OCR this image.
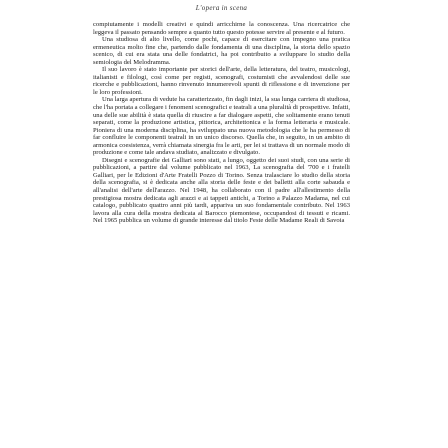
L'opera in scena

compiutamente i modelli creativi e quindi arricchirne la conoscenza. Una ricercatrice che leggeva il passato pensando sempre a quanto tutto questo potesse servire al presente e al futuro.

Una studiosa di alto livello, come pochi, capace di esercitare con impegno una pratica ermeneutica molto fine che, partendo dalle fondamenta di una disciplina, la storia dello spazio scenico, di cui era stata una delle fondatrici, ha poi contribuito a sviluppare lo studio della semiologia del Melodramma.

Il suo lavoro è stato importante per storici dell'arte, della letteratura, del teatro, musicologi, italianisti e filologi, così come per registi, scenografi, costumisti che avvalendosi delle sue ricerche e pubblicazioni, hanno rinvenuto innumerevoli spunti di riflessione e di invenzione per le loro professioni.

Una larga apertura di vedute ha caratterizzato, fin dagli inizi, la sua lunga carriera di studiosa, che l'ha portata a collegare i fenomeni scenografici e teatrali a una pluralità di prospettive. Infatti, una delle sue abilità è stata quella di riuscire a far dialogare aspetti, che solitamente erano tenuti separati, come la produzione artistica, pittorica, architettonica e la forma letteraria e musicale. Pioniera di una moderna disciplina, ha sviluppato una nuova metodologia che le ha permesso di far confluire le componenti teatrali in un unico discorso. Quella che, in seguito, in un ambito di armonica coesistenza, verrà chiamata sinergia fra le arti, per lei si trattava di un normale modo di produzione e come tale andava studiato, analizzato e divulgato.

Disegni e scenografie dei Galliari sono stati, a lungo, oggetto dei suoi studi, con una serie di pubblicazioni, a partire dal volume pubblicato nel 1963, La scenografia del '700 e i fratelli Galliari, per le Edizioni d'Arte Fratelli Pozzo di Torino. Senza tralasciare lo studio della storia della scenografia, si è dedicata anche alla storia delle feste e dei balletti alla corte sabauda e all'analisi dell'arte dell'arazzo. Nel 1948, ha collaborato con il padre all'allestimento della prestigiosa mostra dedicata agli arazzi e ai tappeti antichi, a Torino a Palazzo Madama, nel cui catalogo, pubblicato quattro anni più tardi, appariva un suo fondamentale contributo. Nel 1963 lavora alla cura della mostra dedicata al Barocco piemontese, occupandosi di tessuti e ricami. Nel 1965 pubblica un volume di grande interesse dal titolo Feste delle Madame Reali di Savoia
